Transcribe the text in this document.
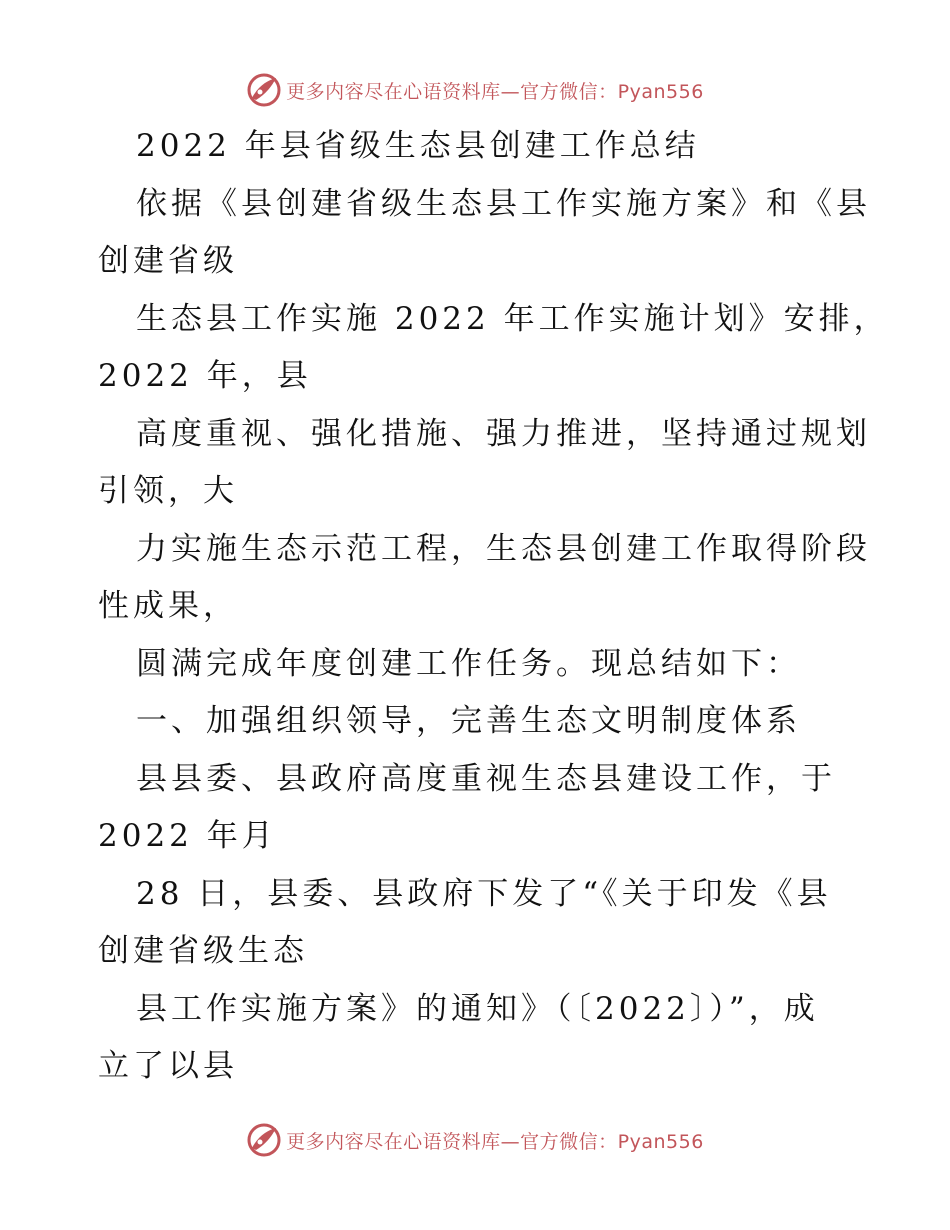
更多内容尽在心语资料库—官方微信：Pyan556
2022 年县省级生态县创建工作总结
依据《县创建省级生态县工作实施方案》和《县
创建省级
生态县工作实施 2022 年工作实施计划》安排，
2022 年，县
高度重视、强化措施、强力推进，坚持通过规划
引领，大
力实施生态示范工程，生态县创建工作取得阶段
性成果，
圆满完成年度创建工作任务。现总结如下：
一、加强组织领导，完善生态文明制度体系
县县委、县政府高度重视生态县建设工作，于
2022 年月
28 日，县委、县政府下发了“《关于印发《县
创建省级生态
县工作实施方案》的通知》（〔2022〕）”，成
立了以县
更多内容尽在心语资料库—官方微信：Pyan556
